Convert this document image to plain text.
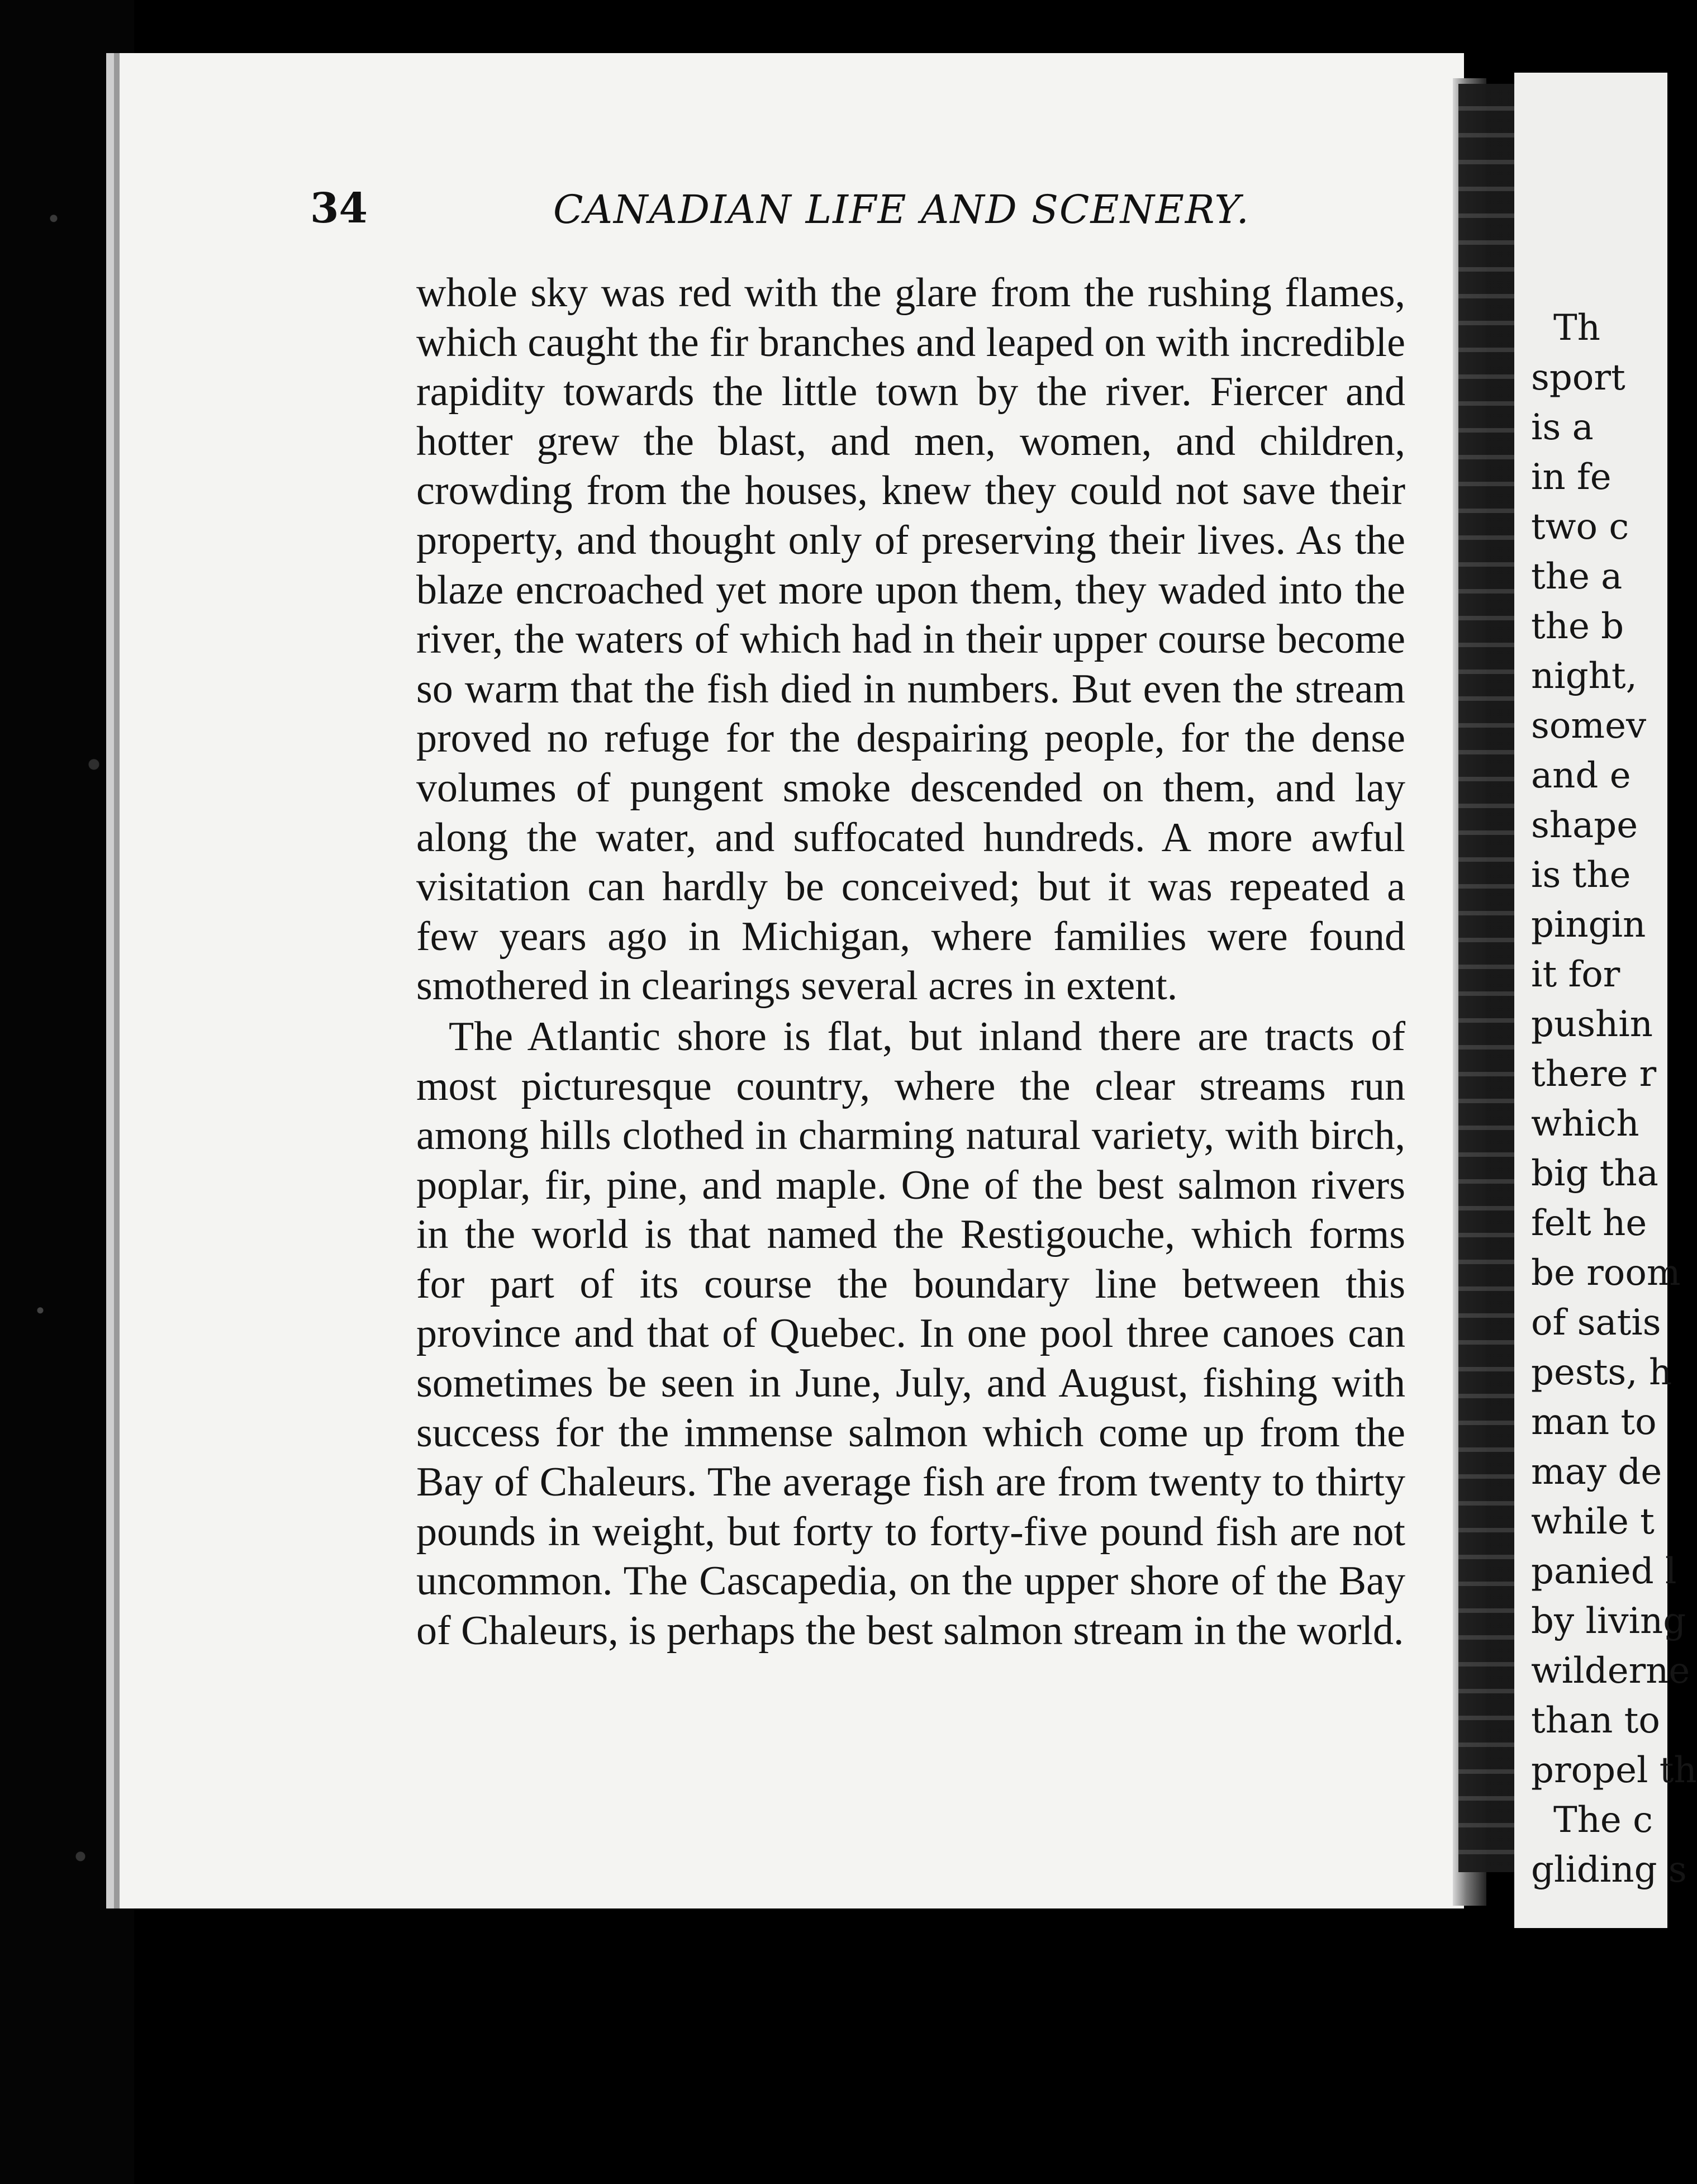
34	CANADIAN LIFE AND SCENERY.

whole sky was red with the glare from the rushing flames, which caught the fir branches and leaped on with incredible rapidity towards the little town by the river. Fiercer and hotter grew the blast, and men, women, and children, crowding from the houses, knew they could not save their property, and thought only of preserving their lives. As the blaze encroached yet more upon them, they waded into the river, the waters of which had in their upper course become so warm that the fish died in numbers. But even the stream proved no refuge for the despairing people, for the dense volumes of pungent smoke descended on them, and lay along the water, and suffocated hundreds. A more awful visitation can hardly be conceived; but it was repeated a few years ago in Michigan, where families were found smothered in clearings several acres in extent.

The Atlantic shore is flat, but inland there are tracts of most picturesque country, where the clear streams run among hills clothed in charming natural variety, with birch, poplar, fir, pine, and maple. One of the best salmon rivers in the world is that named the Restigouche, which forms for part of its course the boundary line between this province and that of Quebec. In one pool three canoes can sometimes be seen in June, July, and August, fishing with success for the immense salmon which come up from the Bay of Chaleurs. The average fish are from twenty to thirty pounds in weight, but forty to forty-five pound fish are not uncommon. The Cascapedia, on the upper shore of the Bay of Chaleurs, is perhaps the best salmon stream in the world.

Th
sport
is a
in fe
two c
the a
the b
night,
somev
and e
shape
is the
pingin
it for
pushin
there r
which
big tha
felt he
be room
of satis
pests, h
man to
may de
while t
panied l
by living
wilderne
than to
propel th
The c
gliding s
